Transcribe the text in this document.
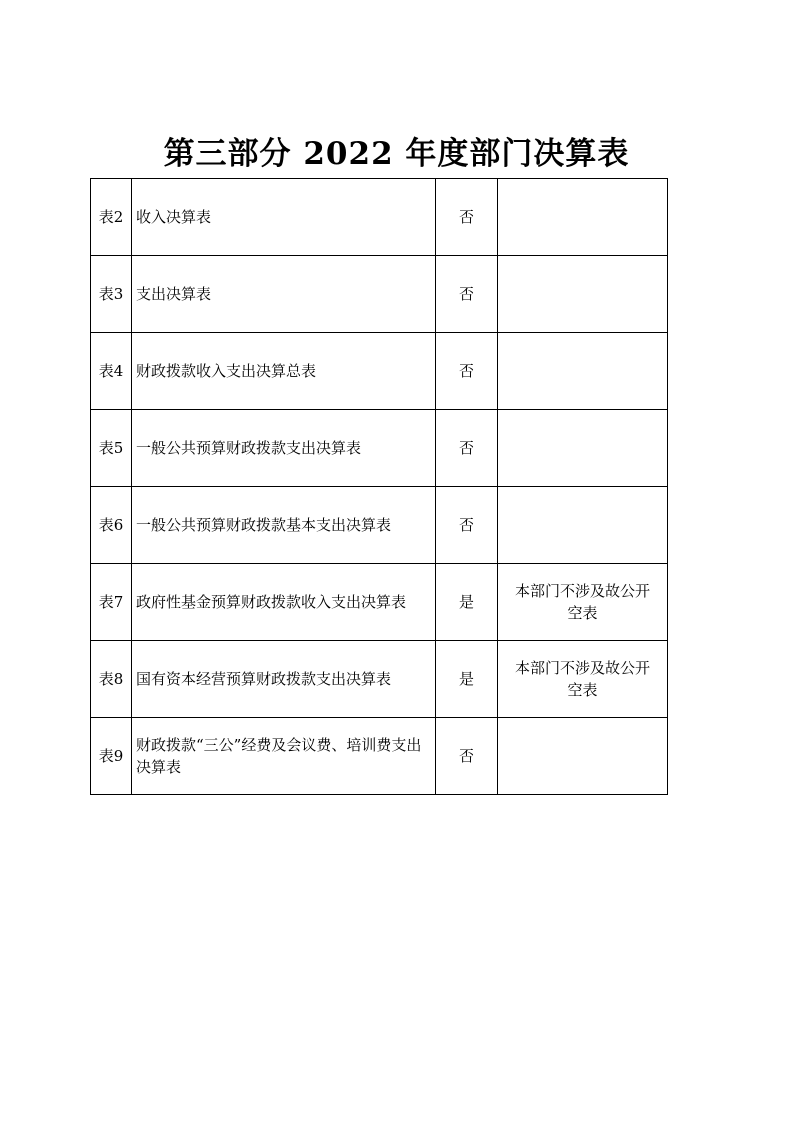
第三部分 2022 年度部门决算表
表2	收入决算表	否	
表3	支出决算表	否	
表4	财政拨款收入支出决算总表	否	
表5	一般公共预算财政拨款支出决算表	否	
表6	一般公共预算财政拨款基本支出决算表	否	
表7	政府性基金预算财政拨款收入支出决算表	是	本部门不涉及故公开空表
表8	国有资本经营预算财政拨款支出决算表	是	本部门不涉及故公开空表
表9	财政拨款“三公”经费及会议费、培训费支出决算表	否	
